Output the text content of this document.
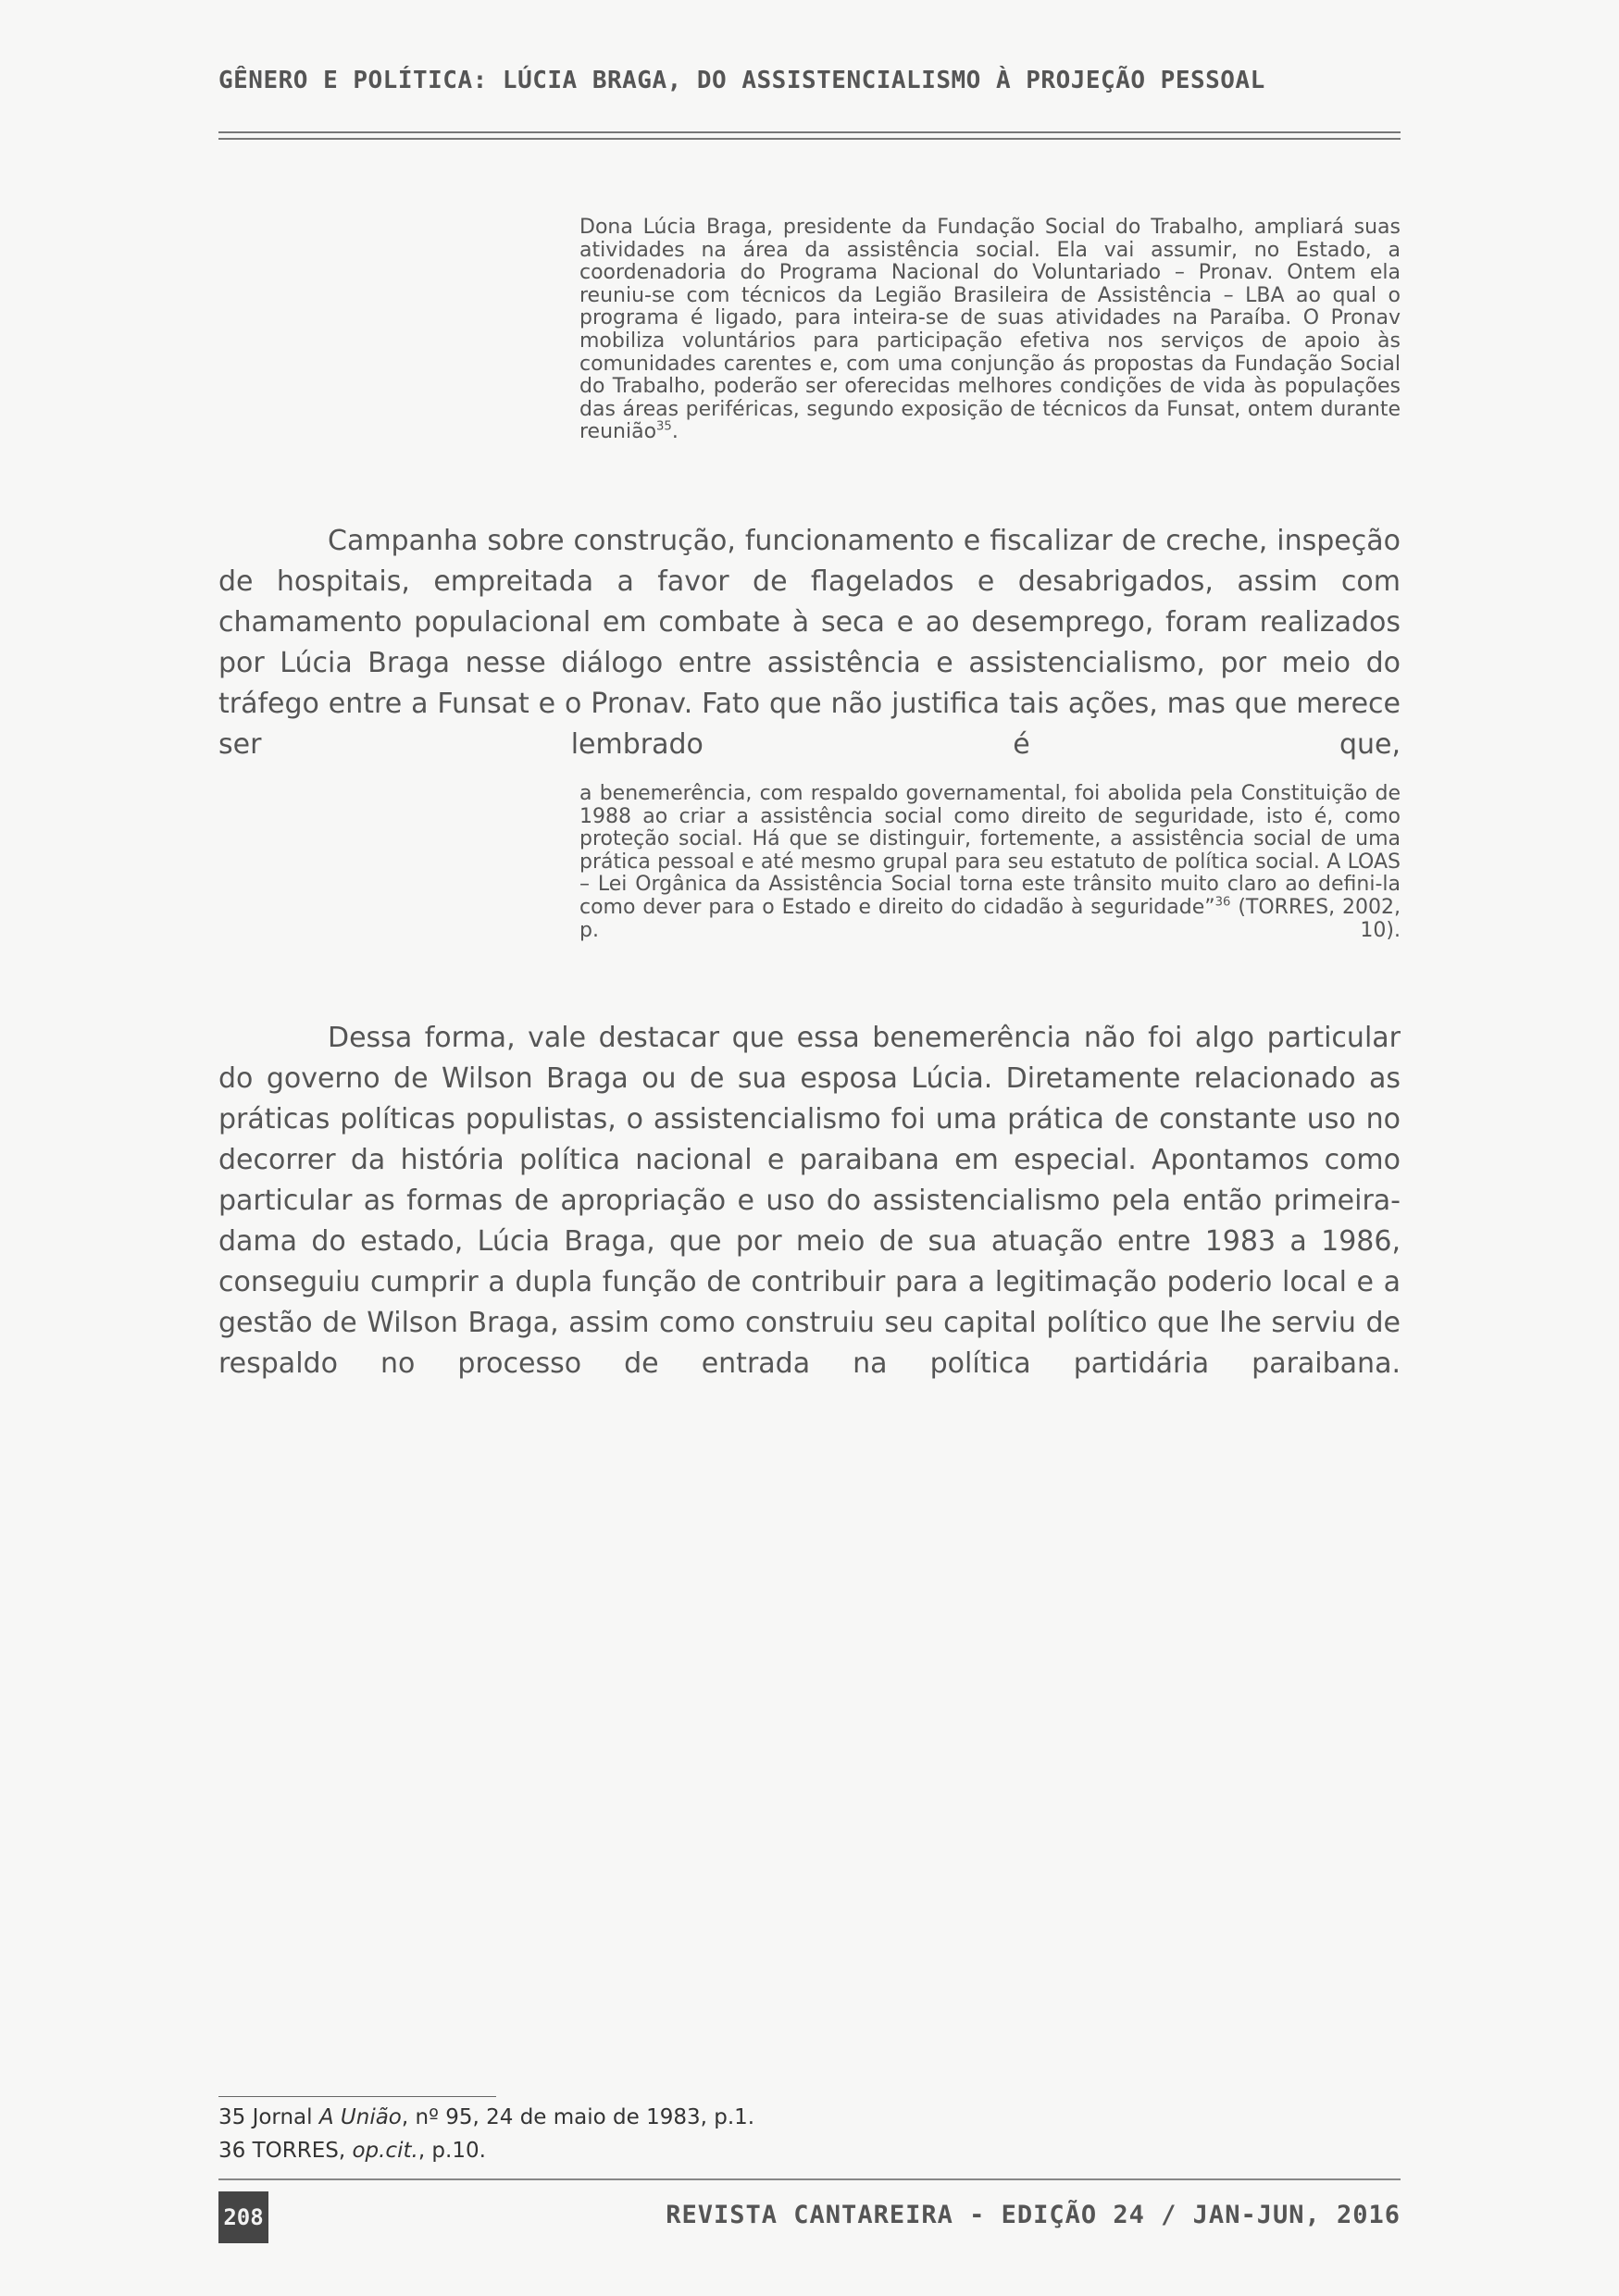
GÊNERO E POLÍTICA: LÚCIA BRAGA, DO ASSISTENCIALISMO À PROJEÇÃO PESSOAL
Dona Lúcia Braga, presidente da Fundação Social do Trabalho, ampliará suas atividades na área da assistência social. Ela vai assumir, no Estado, a coordenadoria do Programa Nacional do Voluntariado – Pronav. Ontem ela reuniu-se com técnicos da Legião Brasileira de Assistência – LBA ao qual o programa é ligado, para inteira-se de suas atividades na Paraíba. O Pronav mobiliza voluntários para participação efetiva nos serviços de apoio às comunidades carentes e, com uma conjunção ás propostas da Fundação Social do Trabalho, poderão ser oferecidas melhores condições de vida às populações das áreas periféricas, segundo exposição de técnicos da Funsat, ontem durante reunião$^{35}$.
Campanha sobre construção, funcionamento e fiscalizar de creche, inspeção de hospitais, empreitada a favor de flagelados e desabrigados, assim com chamamento populacional em combate à seca e ao desemprego, foram realizados por Lúcia Braga nesse diálogo entre assistência e assistencialismo, por meio do tráfego entre a Funsat e o Pronav. Fato que não justifica tais ações, mas que merece ser lembrado é que,
a benemerência, com respaldo governamental, foi abolida pela Constituição de 1988 ao criar a assistência social como direito de seguridade, isto é, como proteção social. Há que se distinguir, fortemente, a assistência social de uma prática pessoal e até mesmo grupal para seu estatuto de política social. A LOAS – Lei Orgânica da Assistência Social torna este trânsito muito claro ao defini-la como dever para o Estado e direito do cidadão à seguridade”$^{36}$ (TORRES, 2002, p. 10).
Dessa forma, vale destacar que essa benemerência não foi algo particular do governo de Wilson Braga ou de sua esposa Lúcia. Diretamente relacionado as práticas políticas populistas, o assistencialismo foi uma prática de constante uso no decorrer da história política nacional e paraibana em especial. Apontamos como particular as formas de apropriação e uso do assistencialismo pela então primeira-dama do estado, Lúcia Braga, que por meio de sua atuação entre 1983 a 1986, conseguiu cumprir a dupla função de contribuir para a legitimação poderio local e a gestão de Wilson Braga, assim como construiu seu capital político que lhe serviu de respaldo no processo de entrada na política partidária paraibana.
35 Jornal A União, nº 95, 24 de maio de 1983, p.1.
36 TORRES, op.cit., p.10.
208	REVISTA CANTAREIRA - EDIÇÃO 24 / JAN-JUN, 2016
